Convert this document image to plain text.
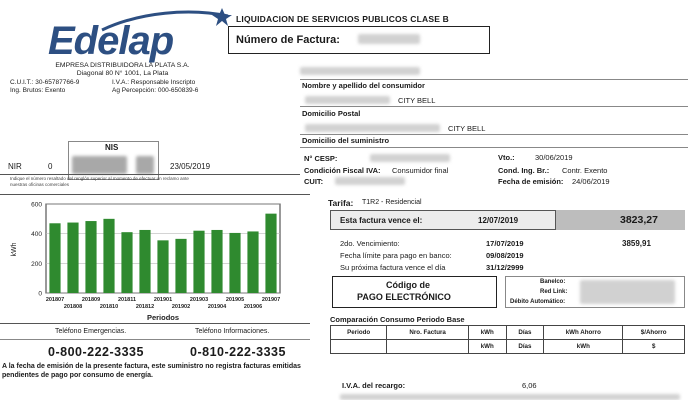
Edelap
EMPRESA DISTRIBUIDORA LA PLATA S.A.
Diagonal 80 N° 1001, La Plata
C.U.I.T.: 30-65787766-9
Ing. Brutos: Exento
I.V.A.: Responsable Inscripto
Ag Percepción: 000-650839-6
LIQUIDACION DE SERVICIOS PUBLICOS CLASE B
Número de Factura:
Nombre y apellido del consumidor
CITY BELL
Domicilio Postal
CITY BELL
Domicilio del suministro
N° CESP:	Vto.:	30/06/2019
Condición Fiscal IVA: Consumidor final	Cond. Ing. Br.: Contr. Exento
CUIT:	Fecha de emisión: 24/06/2019
NIS
NIR	0	23/05/2019
Indique el número resaltado del renglón superior al momento de efectuar un reclamo ante nuestras oficinas comerciales
0
200
400
600
201807
201808
201809
201810
201811
201812
201901
201902
201903
201904
201905
201906
201907
kWh
Periodos
Teléfono Emergencias.	Teléfono Informaciones.
0-800-222-3335	0-810-222-3335
A la fecha de emisión de la presente factura, este suministro no registra facturas emitidas pendientes de pago por consumo de energía.
Tarifa: T1R2 - Residencial
Esta factura vence el:	12/07/2019	3823,27
2do. Vencimiento:	17/07/2019	3859,91
Fecha límite para pago en banco:	09/08/2019
Su próxima factura vence el día	31/12/2999
Código de
PAGO ELECTRÓNICO
Banelco:
Red Link:
Débito Automático:
Comparación Consumo Periodo Base
Periodo	Nro. Factura	kWh	Días	kWh Ahorro	$/Ahorro
		kWh	Días	kWh	$
I.V.A. del recargo:	6,06
​
